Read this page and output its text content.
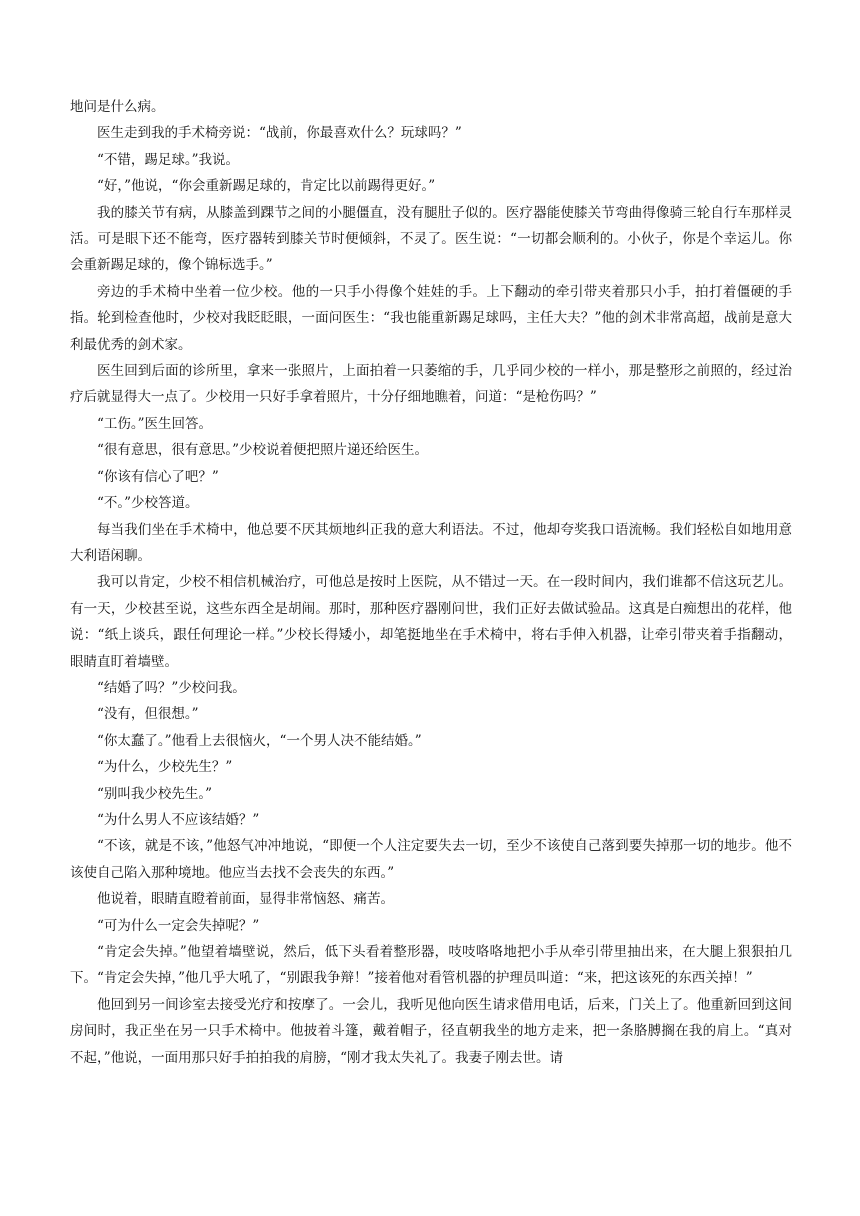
地问是什么病。

医生走到我的手术椅旁说：“战前，你最喜欢什么？玩球吗？”

“不错，踢足球。”我说。

“好，”他说，“你会重新踢足球的，肯定比以前踢得更好。”

我的膝关节有病，从膝盖到踝节之间的小腿僵直，没有腿肚子似的。医疗器能使膝关节弯曲得像骑三轮自行车那样灵活。可是眼下还不能弯，医疗器转到膝关节时便倾斜，不灵了。医生说：“一切都会顺利的。小伙子，你是个幸运儿。你会重新踢足球的，像个锦标选手。”

旁边的手术椅中坐着一位少校。他的一只手小得像个娃娃的手。上下翻动的牵引带夹着那只小手，拍打着僵硬的手指。轮到检查他时，少校对我眨眨眼，一面问医生：“我也能重新踢足球吗，主任大夫？”他的剑术非常高超，战前是意大利最优秀的剑术家。

医生回到后面的诊所里，拿来一张照片，上面拍着一只萎缩的手，几乎同少校的一样小，那是整形之前照的，经过治疗后就显得大一点了。少校用一只好手拿着照片，十分仔细地瞧着，问道：“是枪伤吗？”

“工伤。”医生回答。

“很有意思，很有意思。”少校说着便把照片递还给医生。

“你该有信心了吧？”

“不。”少校答道。

每当我们坐在手术椅中，他总要不厌其烦地纠正我的意大利语法。不过，他却夸奖我口语流畅。我们轻松自如地用意大利语闲聊。

我可以肯定，少校不相信机械治疗，可他总是按时上医院，从不错过一天。在一段时间内，我们谁都不信这玩艺儿。有一天，少校甚至说，这些东西全是胡闹。那时，那种医疗器刚问世，我们正好去做试验品。这真是白痴想出的花样，他说：“纸上谈兵，跟任何理论一样。”少校长得矮小，却笔挺地坐在手术椅中，将右手伸入机器，让牵引带夹着手指翻动，眼睛直盯着墙壁。

“结婚了吗？”少校问我。

“没有，但很想。”

“你太蠢了。”他看上去很恼火，“一个男人决不能结婚。”

“为什么，少校先生？”

“别叫我少校先生。”

“为什么男人不应该结婚？”

“不该，就是不该，”他怒气冲冲地说，“即便一个人注定要失去一切，至少不该使自己落到要失掉那一切的地步。他不该使自己陷入那种境地。他应当去找不会丧失的东西。”

他说着，眼睛直瞪着前面，显得非常恼怒、痛苦。

“可为什么一定会失掉呢？”

“肯定会失掉。”他望着墙壁说，然后，低下头看着整形器，吱吱咯咯地把小手从牵引带里抽出来，在大腿上狠狠拍几下。“肯定会失掉，”他几乎大吼了，“别跟我争辩！”接着他对看管机器的护理员叫道：“来，把这该死的东西关掉！”

他回到另一间诊室去接受光疗和按摩了。一会儿，我听见他向医生请求借用电话，后来，门关上了。他重新回到这间房间时，我正坐在另一只手术椅中。他披着斗篷，戴着帽子，径直朝我坐的地方走来，把一条胳膊搁在我的肩上。“真对不起，”他说，一面用那只好手拍拍我的肩膀，“刚才我太失礼了。我妻子刚去世。请
